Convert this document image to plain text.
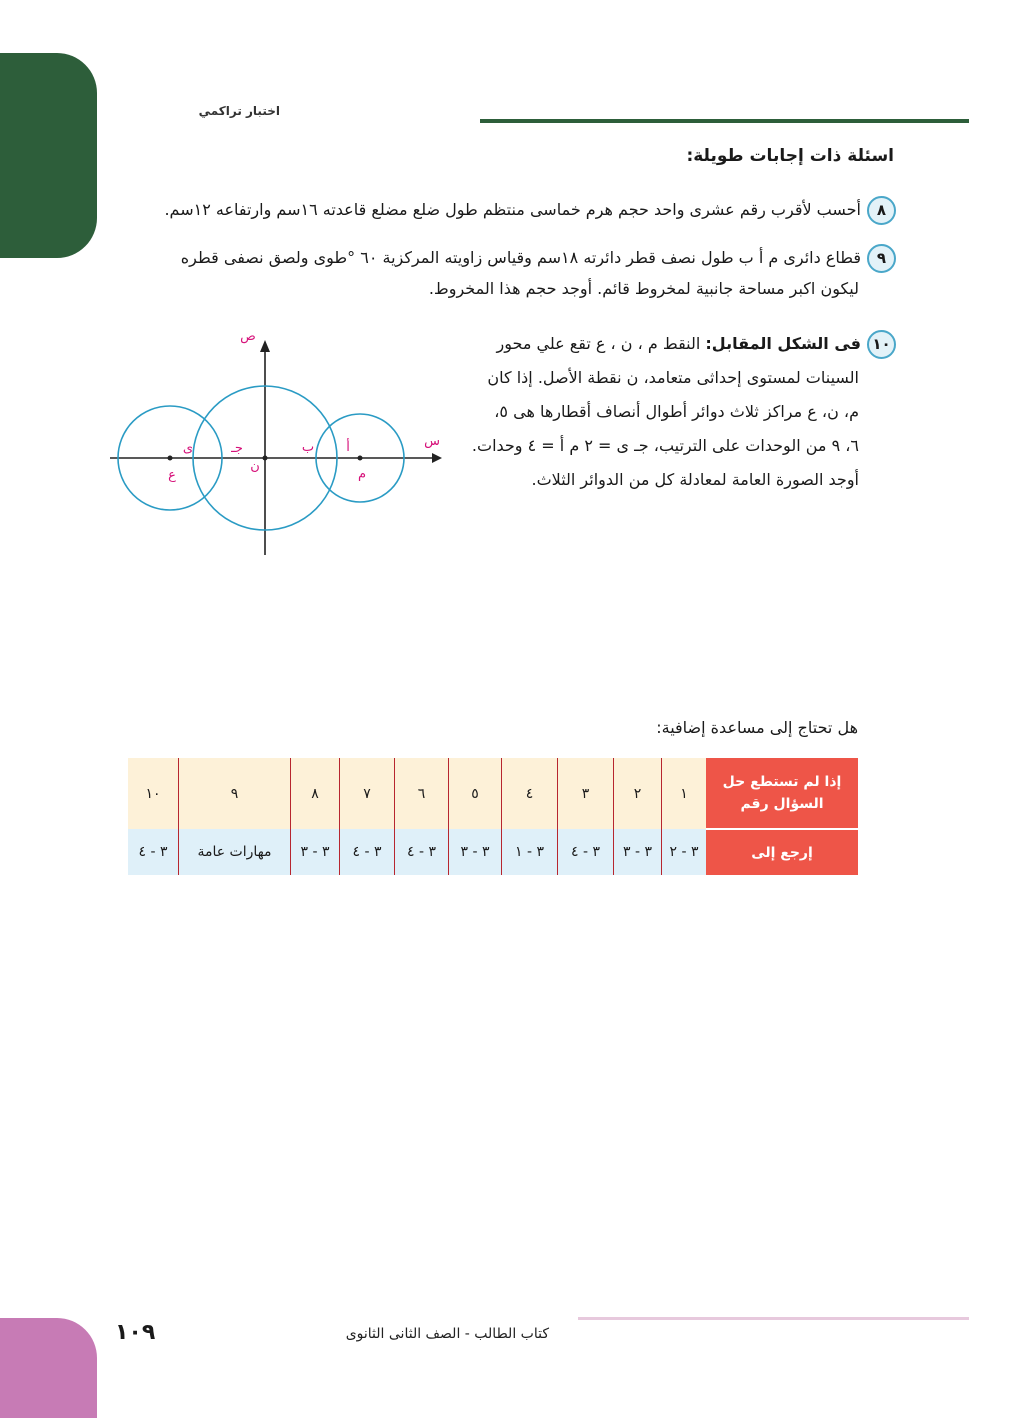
اختبار تراكمي
اسئلة ذات إجابات طويلة:
٨أحسب لأقرب رقم عشرى واحد حجم هرم خماسى منتظم طول ضلع مضلع قاعدته ١٦سم وارتفاعه ١٢سم.
٩قطاع دائرى م أ ب طول نصف قطر دائرته ١٨سم وقياس زاويته المركزية ٦٠ °طوى ولصق نصفى قطره
ليكون اكبر مساحة جانبية لمخروط قائم. أوجد حجم هذا المخروط.
١٠فى الشكل المقابل: النقط م ، ن ، ع تقع علي محور
السينات لمستوى إحداثى متعامد، ن نقطة الأصل. إذا كان
م، ن، ع مراكز ثلاث دوائر أطوال أنصاف أقطارها هى ٥،
٦، ٩ من الوحدات على الترتيب، جـ ى = ٢ م أ = ٤ وحدات.
أوجد الصورة العامة لمعادلة كل من الدوائر الثلاث.
ص
س
ى	جـ	ب أ
ع
ن
م
هل تحتاج إلى مساعدة إضافية:
إذا لم تستطع حل السؤال رقم	١	٢	٣	٤	٥	٦	٧	٨	٩	١٠
إرجع إلى	٣ - ٢	٣ - ٣	٣ - ٤	٣ - ١	٣ - ٣	٣ - ٤	٣ - ٤	٣ - ٣	مهارات عامة	٣ - ٤
١٠٩	كتاب الطالب - الصف الثانى الثانوى
